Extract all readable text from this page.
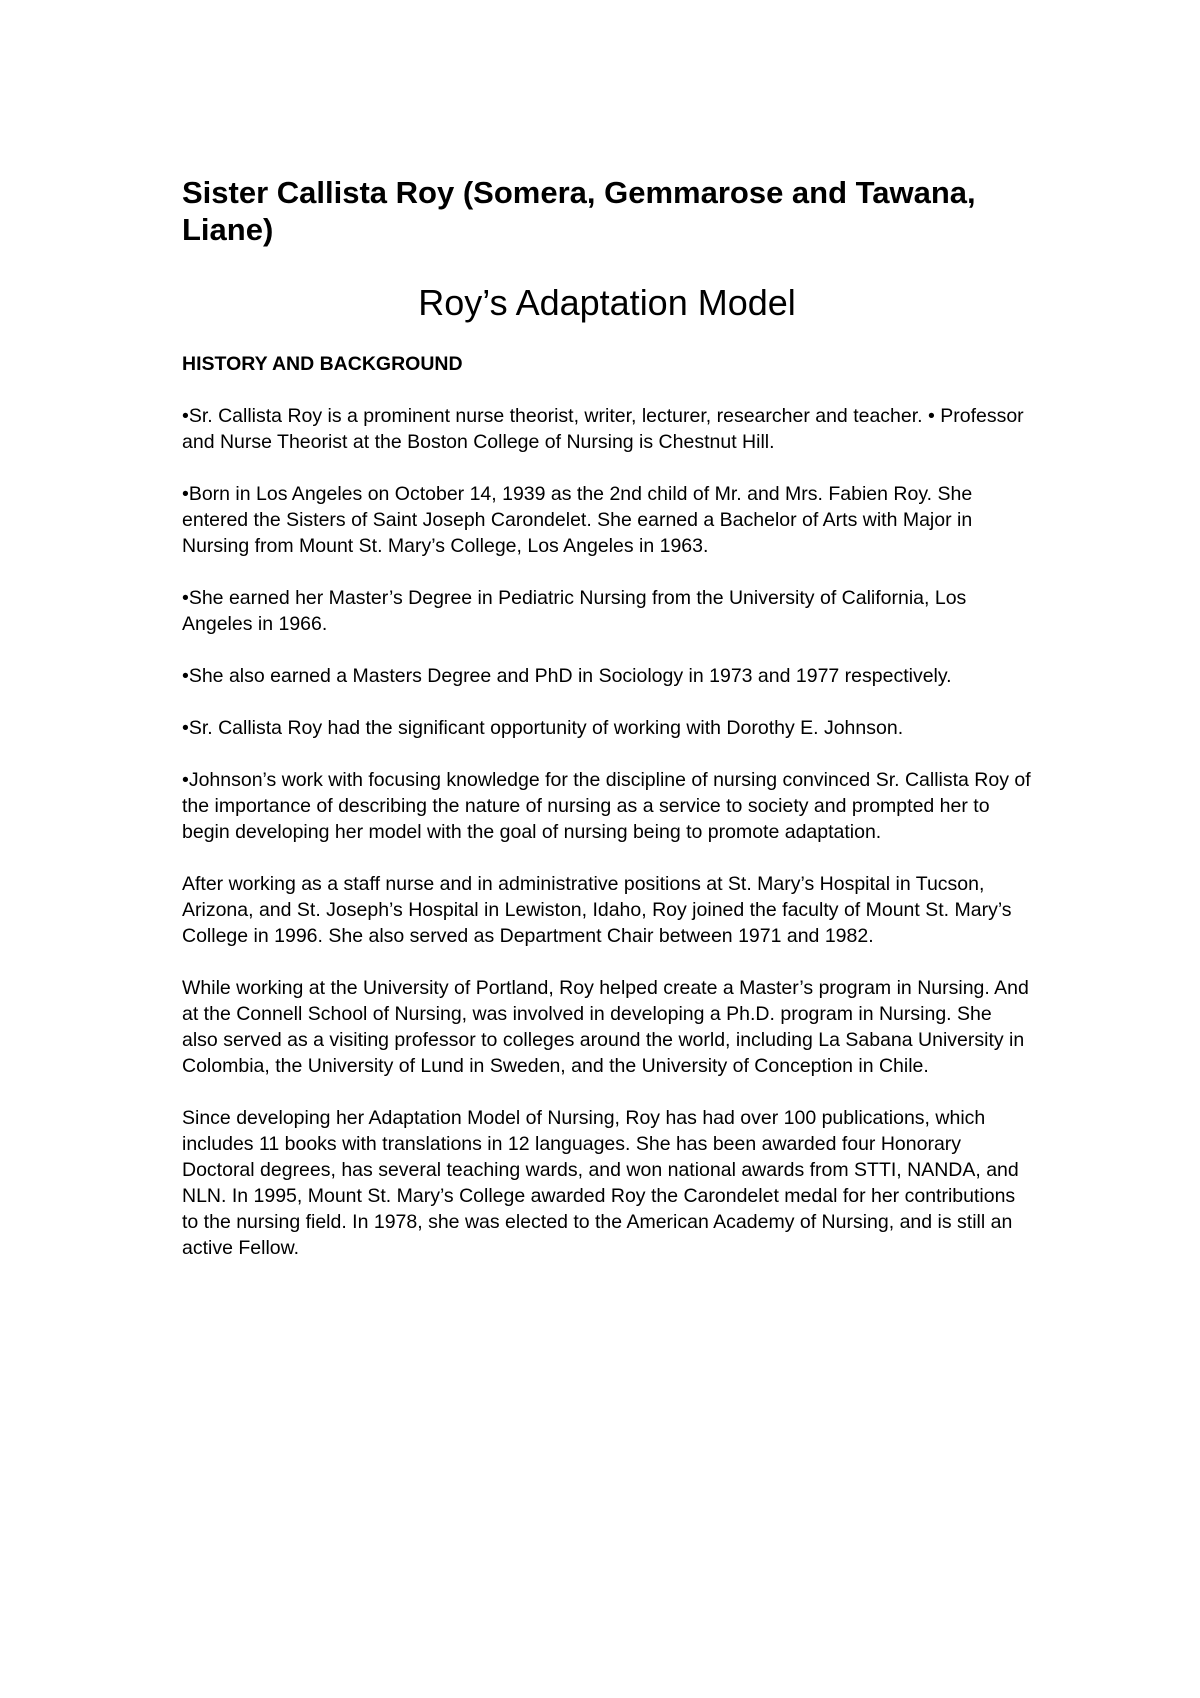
Sister Callista Roy (Somera, Gemmarose and Tawana, Liane)
Roy’s Adaptation Model
HISTORY AND BACKGROUND

•Sr. Callista Roy is a prominent nurse theorist, writer, lecturer, researcher and teacher. • Professor and Nurse Theorist at the Boston College of Nursing is Chestnut Hill.

•Born in Los Angeles on October 14, 1939 as the 2nd child of Mr. and Mrs. Fabien Roy. She entered the Sisters of Saint Joseph Carondelet. She earned a Bachelor of Arts with Major in Nursing from Mount St. Mary’s College, Los Angeles in 1963.

•She earned her Master’s Degree in Pediatric Nursing from the University of California, Los Angeles in 1966.

•She also earned a Masters Degree and PhD in Sociology in 1973 and 1977 respectively.

•Sr. Callista Roy had the significant opportunity of working with Dorothy E. Johnson.

•Johnson’s work with focusing knowledge for the discipline of nursing convinced Sr. Callista Roy of the importance of describing the nature of nursing as a service to society and prompted her to begin developing her model with the goal of nursing being to promote adaptation.

After working as a staff nurse and in administrative positions at St. Mary’s Hospital in Tucson, Arizona, and St. Joseph’s Hospital in Lewiston, Idaho, Roy joined the faculty of Mount St. Mary’s College in 1996. She also served as Department Chair between 1971 and 1982.

While working at the University of Portland, Roy helped create a Master’s program in Nursing. And at the Connell School of Nursing, was involved in developing a Ph.D. program in Nursing. She also served as a visiting professor to colleges around the world, including La Sabana University in Colombia, the University of Lund in Sweden, and the University of Conception in Chile.

Since developing her Adaptation Model of Nursing, Roy has had over 100 publications, which includes 11 books with translations in 12 languages. She has been awarded four Honorary Doctoral degrees, has several teaching wards, and won national awards from STTI, NANDA, and NLN. In 1995, Mount St. Mary’s College awarded Roy the Carondelet medal for her contributions to the nursing field. In 1978, she was elected to the American Academy of Nursing, and is still an active Fellow.
